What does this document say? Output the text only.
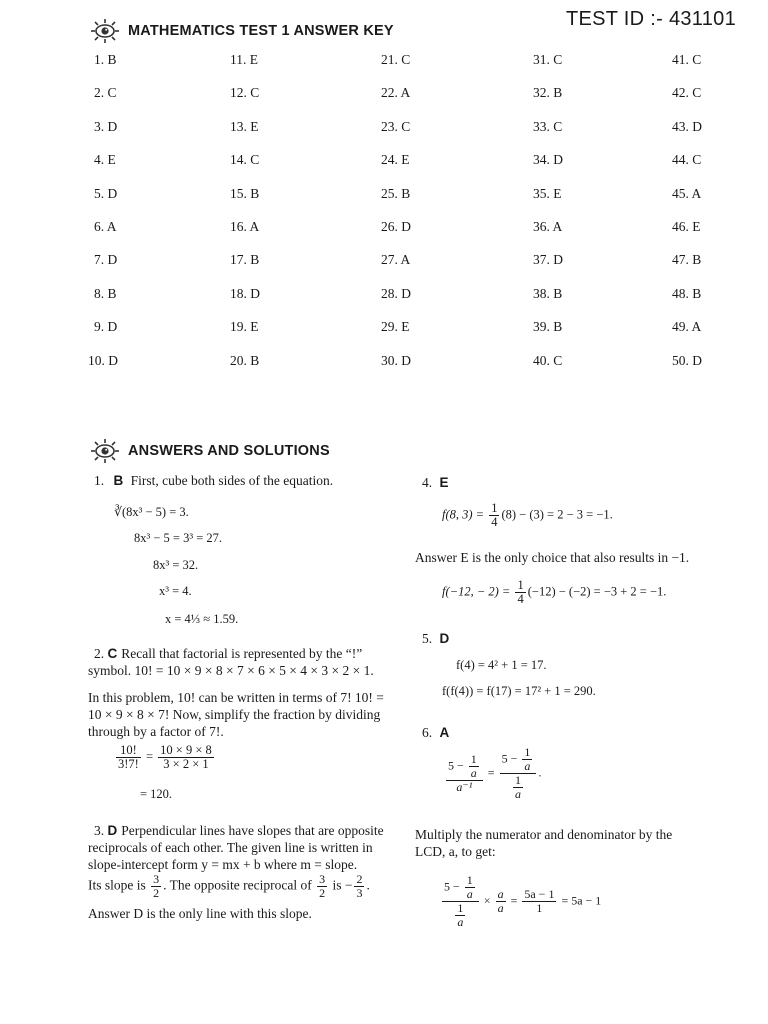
TEST ID :- 431101
MATHEMATICS TEST 1 ANSWER KEY
1. B	11. E	21. C	31. C	41. C
2. C	12. C	22. A	32. B	42. C
3. D	13. E	23. C	33. C	43. D
4. E	14. C	24. E	34. D	44. C
5. D	15. B	25. B	35. E	45. A
6. A	16. A	26. D	36. A	46. E
7. D	17. B	27. A	37. D	47. B
8. B	18. D	28. D	38. B	48. B
9. D	19. E	29. E	39. B	49. A
10. D	20. B	30. D	40. C	50. D
ANSWERS AND SOLUTIONS
1. B First, cube both sides of the equation.
∛(8x³ − 5) = 3.
8x³ − 5 = 3³ = 27.
8x³ = 32.
x³ = 4.
x = 4⅓ ≈ 1.59.

2. C Recall that factorial is represented by the “!” symbol. 10! = 10 × 9 × 8 × 7 × 6 × 5 × 4 × 3 × 2 × 1.

In this problem, 10! can be written in terms of 7! 10! = 10 × 9 × 8 × 7! Now, simplify the fraction by dividing through by a factor of 7!.

$\frac{10!}{3!7!} = \frac{10 \times 9 \times 8}{3 \times 2 \times 1}$
= 120.

3. D Perpendicular lines have slopes that are opposite reciprocals of each other. The given line is written in slope-intercept form y = mx + b where m = slope.

Its slope is $\frac{3}{2}$ . The opposite reciprocal of $\frac{3}{2}$ is − $\frac{2}{3}$ .
Answer D is the only line with this slope.
4. E
f(8, $3) = \frac{1}{4} (8) - (3) = 2 - 3 = -1$.
Answer E is the only choice that also results in −1.
f(−12, − $2) = \frac{1}{4} (-12) - (-2) = -3 + 2 = -1$.
5. D
f(4) = 4² + 1 = 17.
f(f(4)) = f(17) = 17² + 1 = 290.
6. A
$\frac{5 - \frac{1}{a}}{\text{a⁻¹}} = \frac{5 - \frac{1}{a}}{\frac{1}{a}}$ .
Multiply the numerator and denominator by the LCD, a, to get:
$\frac{5 - \frac{1}{a}}{\frac{1}{a}} \times \frac{a}{a} = \frac{5a - 1}{1} = 5a - 1$
